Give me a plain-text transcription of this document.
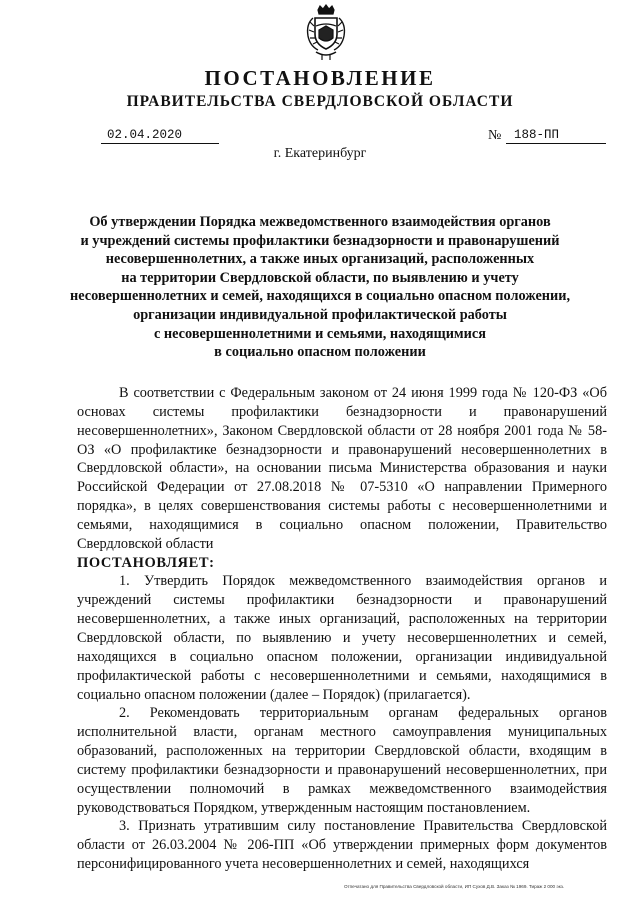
ПОСТАНОВЛЕНИЕ
ПРАВИТЕЛЬСТВА СВЕРДЛОВСКОЙ ОБЛАСТИ
02.04.2020	№	188-ПП
г. Екатеринбург
Об утверждении Порядка межведомственного взаимодействия органов
и учреждений системы профилактики безнадзорности и правонарушений
несовершеннолетних, а также иных организаций, расположенных
на территории Свердловской области, по выявлению и учету
несовершеннолетних и семей, находящихся в социально опасном положении,
организации индивидуальной профилактической работы
с несовершеннолетними и семьями, находящимися
в социально опасном положении

В соответствии с Федеральным законом от 24 июня 1999 года № 120-ФЗ «Об основах системы профилактики безнадзорности и правонарушений несовершеннолетних», Законом Свердловской области от 28 ноября 2001 года № 58-ОЗ «О профилактике безнадзорности и правонарушений несовершеннолетних в Свердловской области», на основании письма Министерства образования и науки Российской Федерации от 27.08.2018 № 07-5310 «О направлении Примерного порядка», в целях совершенствования системы работы с несовершеннолетними и семьями, находящимися в социально опасном положении, Правительство Свердловской области

ПОСТАНОВЛЯЕТ:

1. Утвердить Порядок межведомственного взаимодействия органов и учреждений системы профилактики безнадзорности и правонарушений несовершеннолетних, а также иных организаций, расположенных на территории Свердловской области, по выявлению и учету несовершеннолетних и семей, находящихся в социально опасном положении, организации индивидуальной профилактической работы с несовершеннолетними и семьями, находящимися в социально опасном положении (далее – Порядок) (прилагается).

2. Рекомендовать территориальным органам федеральных органов исполнительной власти, органам местного самоуправления муниципальных образований, расположенных на территории Свердловской области, входящим в систему профилактики безнадзорности и правонарушений несовершеннолетних, при осуществлении полномочий в рамках межведомственного взаимодействия руководствоваться Порядком, утвержденным настоящим постановлением.

3. Признать утратившим силу постановление Правительства Свердловской области от 26.03.2004 № 206-ПП «Об утверждении примерных форм документов персонифицированного учета несовершеннолетних и семей, находящихся

Отпечатано для Правительства Свердловской области, ИП Сухов Д.В. Заказ № 1969. Тираж 2 000 экз.
